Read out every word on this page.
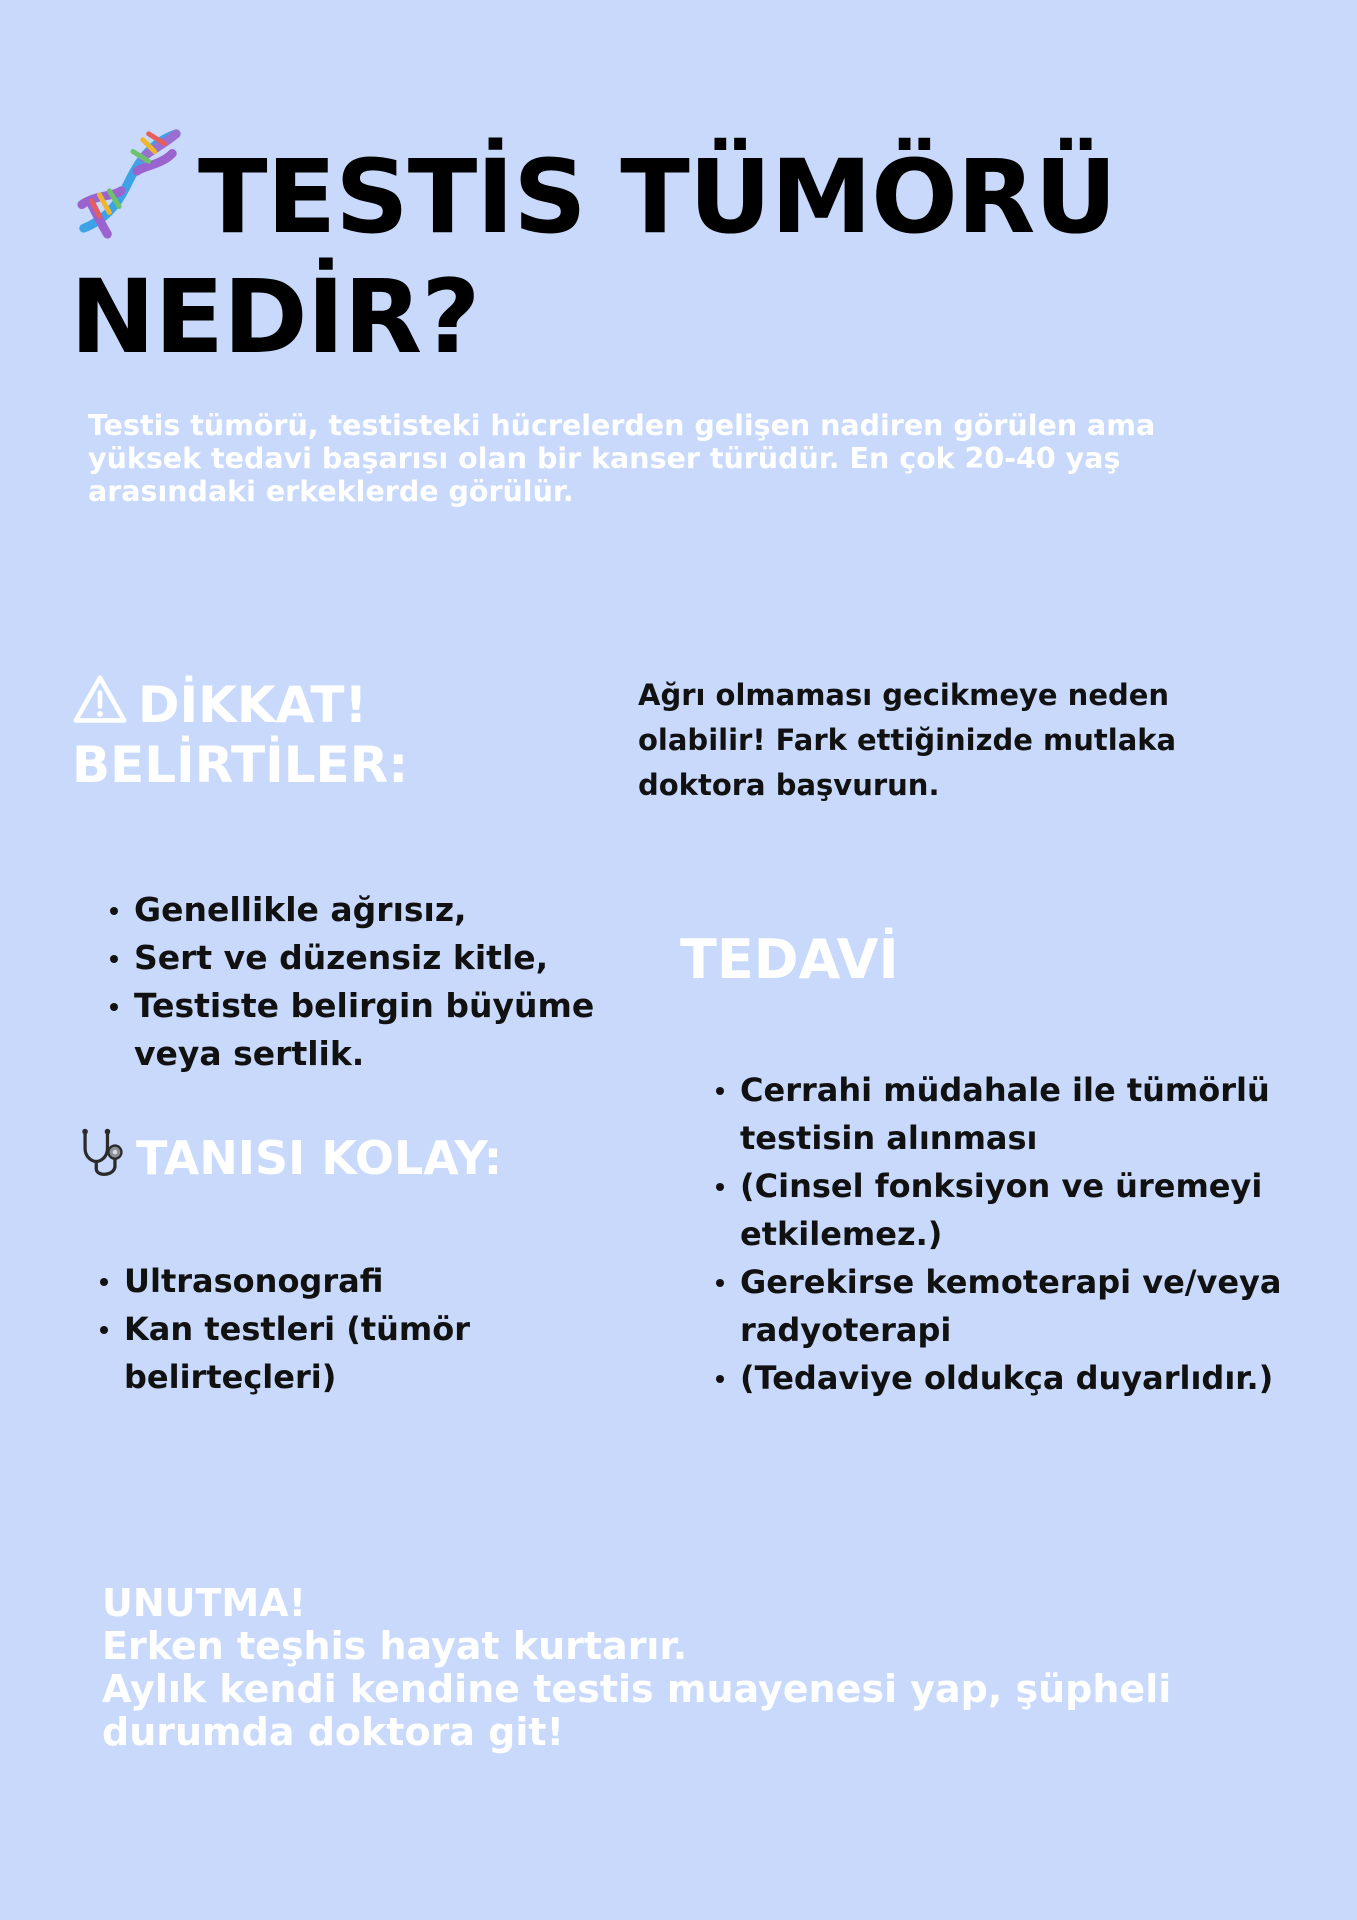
TESTİS TÜMÖRÜ
NEDİR?
Testis tümörü, testisteki hücrelerden gelişen nadiren görülen ama
yüksek tedavi başarısı olan bir kanser türüdür. En çok 20-40 yaş
arasındaki erkeklerde görülür.
DİKKAT!
BELİRTİLER:
Ağrı olmaması gecikmeye neden
olabilir! Fark ettiğinizde mutlaka
doktora başvurun.
Genellikle ağrısız,
Sert ve düzensiz kitle,
Testiste belirgin büyüme
veya sertlik.
TEDAVİ
TANISI KOLAY:
Ultrasonografi
Kan testleri (tümör
belirteçleri)
Cerrahi müdahale ile tümörlü
testisin alınması
(Cinsel fonksiyon ve üremeyi
etkilemez.)
Gerekirse kemoterapi ve/veya
radyoterapi
(Tedaviye oldukça duyarlıdır.)
UNUTMA!
Erken teşhis hayat kurtarır.
Aylık kendi kendine testis muayenesi yap, şüpheli
durumda doktora git!
